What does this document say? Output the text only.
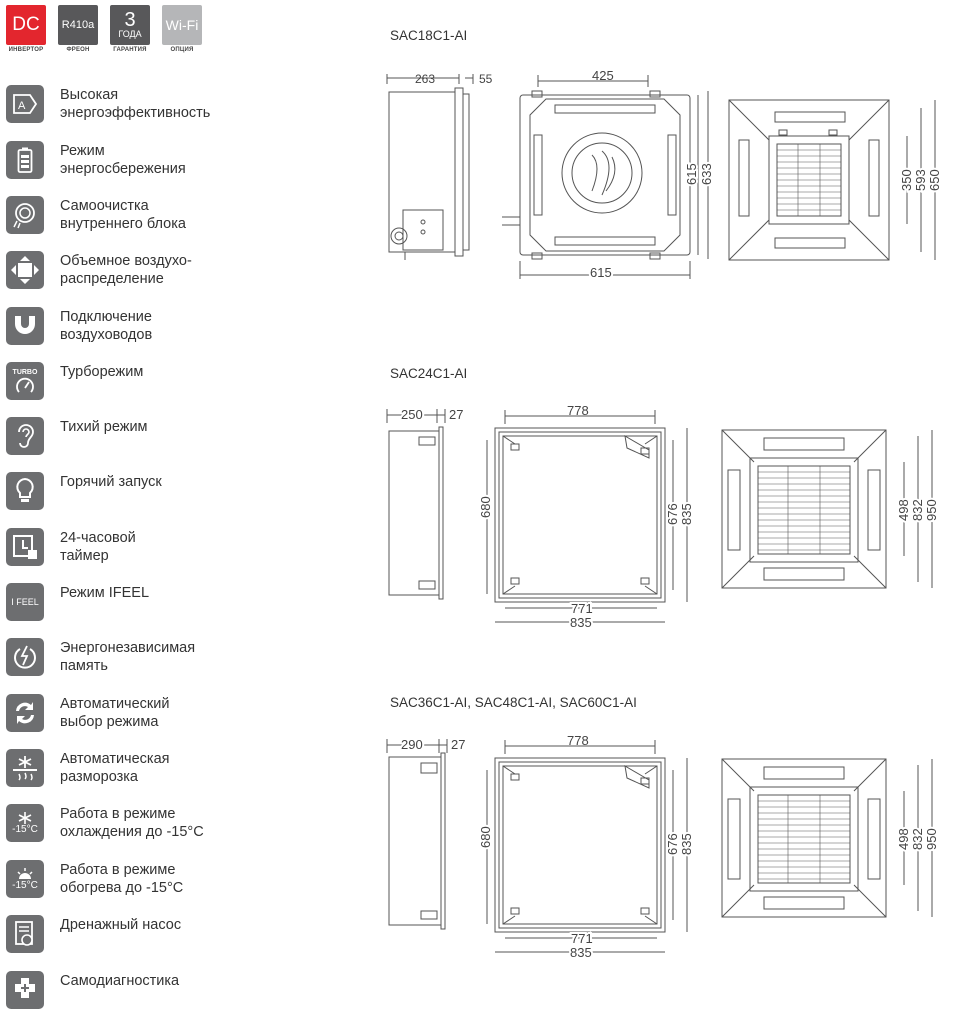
DC
ИНВЕРТОР
R410a
ФРЕОН
3
ГОДА
ГАРАНТИЯ
Wi-Fi
ОПЦИЯ
A
Высокая
энергоэффективность
Режим
энергосбережения
Самоочистка
внутреннего блока
Объемное воздухо-
распределение
Подключение
воздуховодов
TURBO Турборежим
Тихий режим
Горячий запуск
24-часовой
таймер
I FEEL
Режим IFEEL
Энергонезависимая
память
Автоматический
выбор режима
Автоматическая
разморозка
-15°C
Работа в режиме
охлаждения до -15°C
-15°C
Работа в режиме
обогрева до -15°C
Дренажный насос
Самодиагностика
SAC18C1-AI
263	55	425
615
615 633	350 593 650
SAC24C1-AI
250 27	778
680	676 835
771
835
498 832 950
SAC36C1-AI, SAC48C1-AI, SAC60C1-AI
290 27	778
680	676 835
771
835
498 832 950
